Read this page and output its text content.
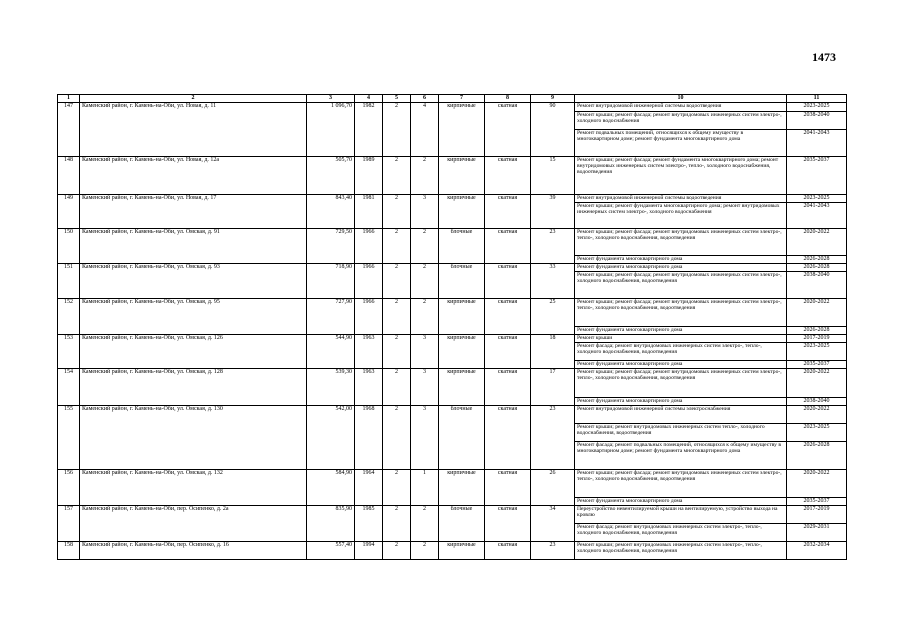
1473
1	2	3	4	5	6	7	8	9	10	11
147	Каменский район, г. Камень-на-Оби, ул. Новая, д. 11	1 096,70	1982	2	4	кирпичные	скатная	90	Ремонт внутридомовой инженерной системы водоотведения	2023-2025
									Ремонт крыши; ремонт фасада; ремонт внутридомовых инженерных систем электро-, холодного водоснабжения	2038-2040
									Ремонт подвальных помещений, относящихся к общему имуществу в многоквартирном доме; ремонт фундамента многоквартирного дома	2041-2043
148	Каменский район, г. Камень-на-Оби, ул. Новая, д. 12а	505,70	1989	2	2	кирпичные	скатная	15	Ремонт крыши; ремонт фасада; ремонт фундамента многоквартирного дома; ремонт внутридомовых инженерных систем электро-, тепло-, холодного водоснабжения, водоотведения	2035-2037
149	Каменский район, г. Камень-на-Оби, ул. Новая, д. 17	843,40	1981	2	3	кирпичные	скатная	39	Ремонт внутридомовой инженерной системы водоотведения	2023-2025
									Ремонт крыши; ремонт фундамента многоквартирного дома; ремонт внутридомовых инженерных систем электро-, холодного водоснабжения	2041-2043
150	Каменский район, г. Камень-на-Оби, ул. Омская, д. 91	729,50	1966	2	2	блочные	скатная	23	Ремонт крыши; ремонт фасада; ремонт внутридомовых инженерных систем электро-, тепло-, холодного водоснабжения, водоотведения	2020-2022
									Ремонт фундамента многоквартирного дома	2026-2028
151	Каменский район, г. Камень-на-Оби, ул. Омская, д. 93	718,90	1966	2	2	блочные	скатная	33	Ремонт фундамента многоквартирного дома	2026-2028
									Ремонт крыши; ремонт фасада; ремонт внутридомовых инженерных систем электро-, холодного водоснабжения, водоотведения	2038-2040
152	Каменский район, г. Камень-на-Оби, ул. Омская, д. 95	727,90	1966	2	2	кирпичные	скатная	25	Ремонт крыши; ремонт фасада; ремонт внутридомовых инженерных систем электро-, тепло-, холодного водоснабжения, водоотведения	2020-2022
									Ремонт фундамента многоквартирного дома	2026-2028
153	Каменский район, г. Камень-на-Оби, ул. Омская, д. 126	544,90	1963	2	3	кирпичные	скатная	18	Ремонт крыши	2017-2019
									Ремонт фасада; ремонт внутридомовых инженерных систем электро-, тепло-, холодного водоснабжения, водоотведения	2023-2025
									Ремонт фундамента многоквартирного дома	2035-2037
154	Каменский район, г. Камень-на-Оби, ул. Омская, д. 128	539,30	1963	2	3	кирпичные	скатная	17	Ремонт крыши; ремонт фасада; ремонт внутридомовых инженерных систем электро-, тепло-, холодного водоснабжения, водоотведения	2020-2022
									Ремонт фундамента многоквартирного дома	2038-2040
155	Каменский район, г. Камень-на-Оби, ул. Омская, д. 130	542,00	1968	2	3	блочные	скатная	23	Ремонт внутридомовой инженерной системы электроснабжения	2020-2022
									Ремонт крыши; ремонт внутридомовых инженерных систем тепло-, холодного водоснабжения, водоотведения	2023-2025
									Ремонт фасада; ремонт подвальных помещений, относящихся к общему имуществу в многоквартирном доме; ремонт фундамента многоквартирного дома	2026-2028
156	Каменский район, г. Камень-на-Оби, ул. Омская, д. 132	584,90	1964	2	1	кирпичные	скатная	26	Ремонт крыши; ремонт фасада; ремонт внутридомовых инженерных систем электро-, тепло-, холодного водоснабжения, водоотведения	2020-2022
									Ремонт фундамента многоквартирного дома	2035-2037
157	Каменский район, г. Камень-на-Оби, пер. Осипенко, д. 2а	835,90	1985	2	2	блочные	скатная	34	Переустройство невентилируемой крыши на вентилируемую, устройство выхода на кровлю	2017-2019
									Ремонт фасада; ремонт внутридомовых инженерных систем электро-, тепло-, холодного водоснабжения, водоотведения	2029-2031
158	Каменский район, г. Камень-на-Оби, пер. Осипенко, д. 16	557,40	1994	2	2	кирпичные	скатная	23	Ремонт крыши; ремонт внутридомовых инженерных систем электро-, тепло-, холодного водоснабжения, водоотведения	2032-2034
